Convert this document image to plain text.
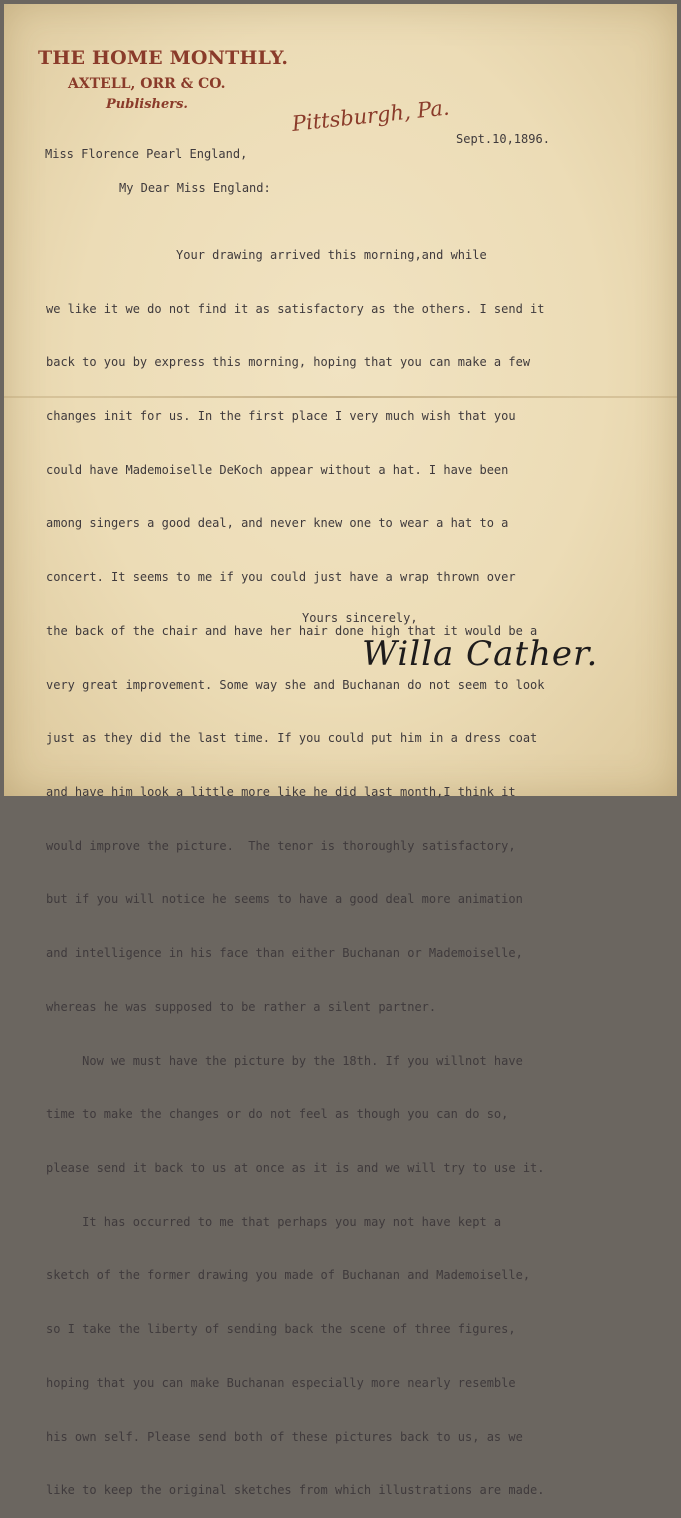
THE HOME MONTHLY.
AXTELL, ORR & CO.
Publishers.	Pittsburgh, Pa.
Sept.10,1896.
Miss Florence Pearl England,
My Dear Miss England:

Your drawing arrived this morning,and while

we like it we do not find it as satisfactory as the others. I send it

back to you by express this morning, hoping that you can make a few

changes init for us. In the first place I very much wish that you

could have Mademoiselle DeKoch appear without a hat. I have been

among singers a good deal, and never knew one to wear a hat to a

concert. It seems to me if you could just have a wrap thrown over

the back of the chair and have her hair done high that it would be a

very great improvement. Some way she and Buchanan do not seem to look

just as they did the last time. If you could put him in a dress coat

and have him look a little more like he did last month,I think it

would improve the picture.  The tenor is thoroughly satisfactory,

but if you will notice he seems to have a good deal more animation

and intelligence in his face than either Buchanan or Mademoiselle,

whereas he was supposed to be rather a silent partner.

Now we must have the picture by the 18th. If you willnot have

time to make the changes or do not feel as though you can do so,

please send it back to us at once as it is and we will try to use it.

It has occurred to me that perhaps you may not have kept a

sketch of the former drawing you made of Buchanan and Mademoiselle,

so I take the liberty of sending back the scene of three figures,

hoping that you can make Buchanan especially more nearly resemble

his own self. Please send both of these pictures back to us, as we

like to keep the original sketches from which illustrations are made.

Yours sincerely,
Willa Cather.
